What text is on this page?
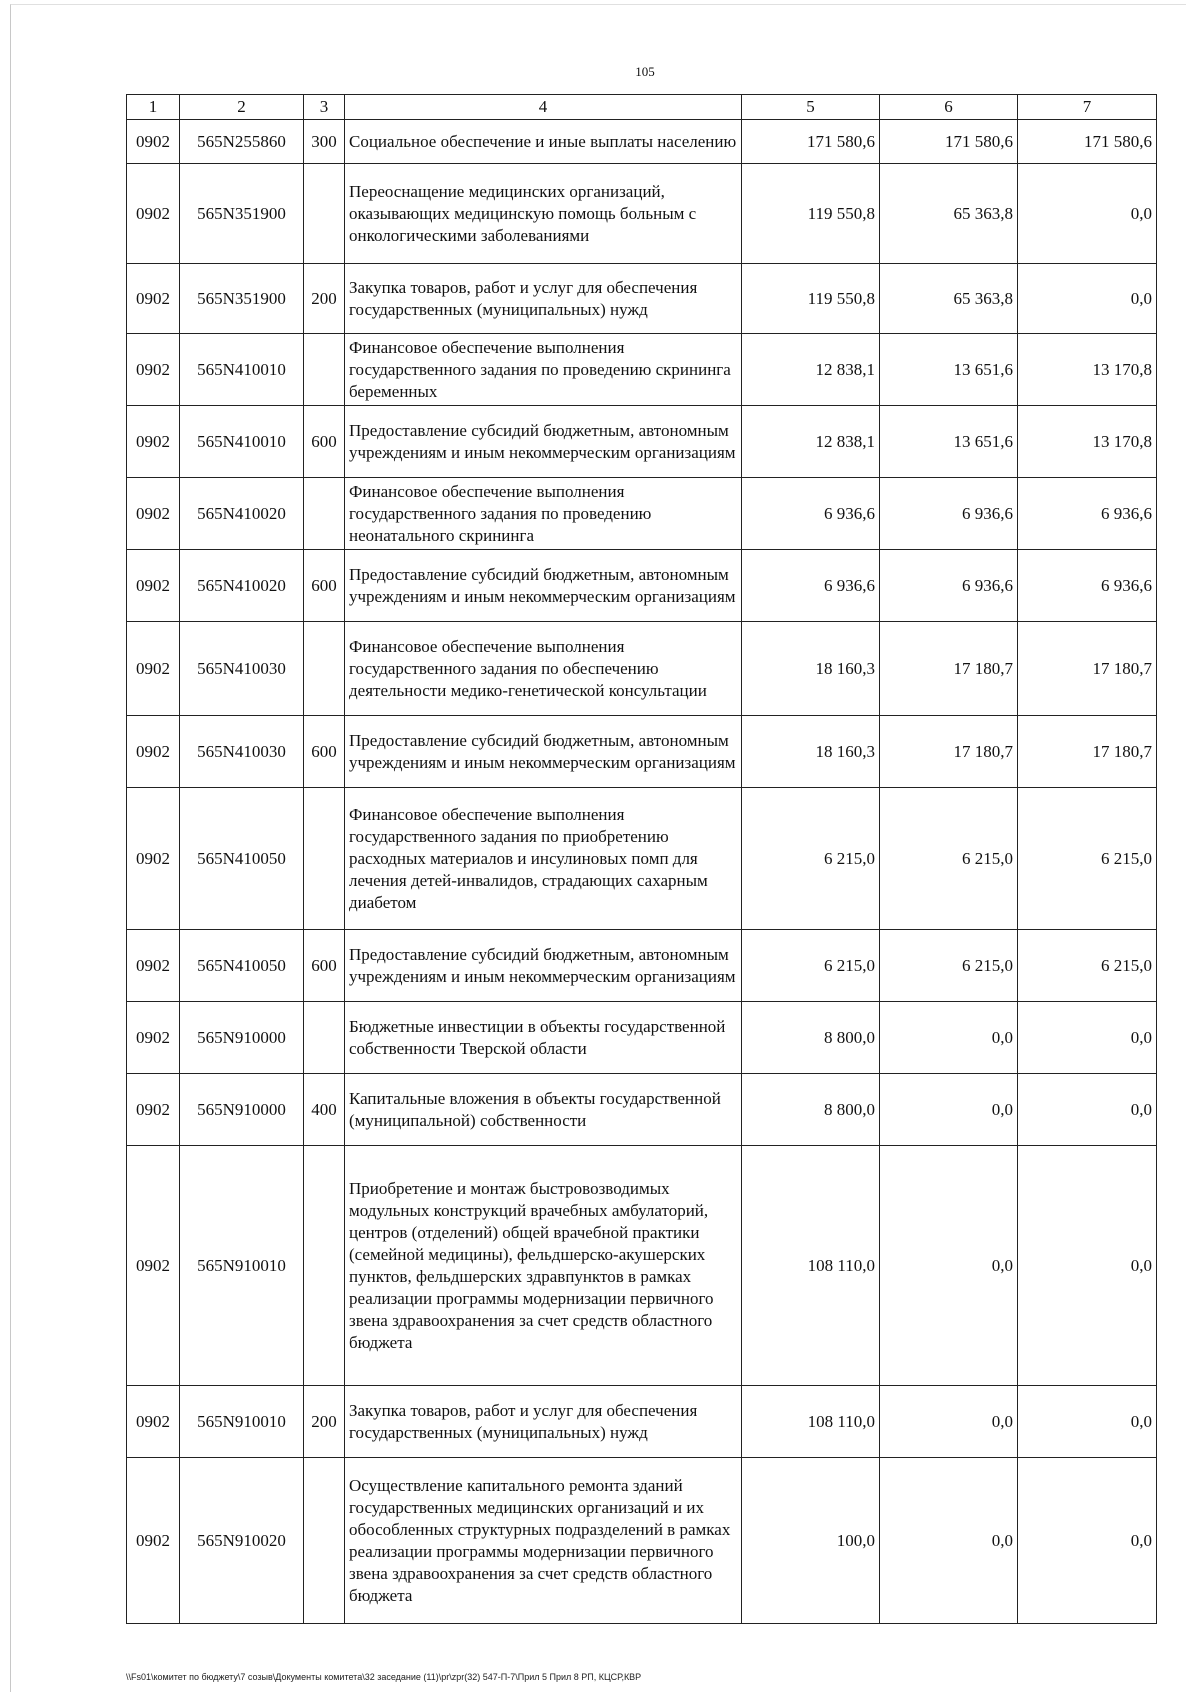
105
1	2	3	4	5	6	7
0902	565N255860	300	Социальное обеспечение и иные выплаты населению	171 580,6	171 580,6	171 580,6
0902	565N351900		Переоснащение медицинских организаций, оказывающих медицинскую помощь больным с онкологическими заболеваниями	119 550,8	65 363,8	0,0
0902	565N351900	200	Закупка товаров, работ и услуг для обеспечения государственных (муниципальных) нужд	119 550,8	65 363,8	0,0
0902	565N410010		Финансовое обеспечение выполнения государственного задания по проведению скрининга беременных	12 838,1	13 651,6	13 170,8
0902	565N410010	600	Предоставление субсидий бюджетным, автономным учреждениям и иным некоммерческим организациям	12 838,1	13 651,6	13 170,8
0902	565N410020		Финансовое обеспечение выполнения государственного задания по проведению неонатального скрининга	6 936,6	6 936,6	6 936,6
0902	565N410020	600	Предоставление субсидий бюджетным, автономным учреждениям и иным некоммерческим организациям	6 936,6	6 936,6	6 936,6
0902	565N410030		Финансовое обеспечение выполнения государственного задания по обеспечению деятельности медико-генетической консультации	18 160,3	17 180,7	17 180,7
0902	565N410030	600	Предоставление субсидий бюджетным, автономным учреждениям и иным некоммерческим организациям	18 160,3	17 180,7	17 180,7
0902	565N410050		Финансовое обеспечение выполнения государственного задания по приобретению расходных материалов и инсулиновых помп для лечения детей-инвалидов, страдающих сахарным диабетом	6 215,0	6 215,0	6 215,0
0902	565N410050	600	Предоставление субсидий бюджетным, автономным учреждениям и иным некоммерческим организациям	6 215,0	6 215,0	6 215,0
0902	565N910000		Бюджетные инвестиции в объекты государственной собственности Тверской области	8 800,0	0,0	0,0
0902	565N910000	400	Капитальные вложения в объекты государственной (муниципальной) собственности	8 800,0	0,0	0,0
0902	565N910010		Приобретение и монтаж быстровозводимых модульных конструкций врачебных амбулаторий, центров (отделений) общей врачебной практики (семейной медицины), фельдшерско-акушерских пунктов, фельдшерских здравпунктов в рамках реализации программы модернизации первичного звена здравоохранения за счет средств областного бюджета	108 110,0	0,0	0,0
0902	565N910010	200	Закупка товаров, работ и услуг для обеспечения государственных (муниципальных) нужд	108 110,0	0,0	0,0
0902	565N910020		Осуществление капитального ремонта зданий государственных медицинских организаций и их обособленных структурных подразделений в рамках реализации программы модернизации первичного звена здравоохранения за счет средств областного бюджета	100,0	0,0	0,0
\\Fs01\комитет по бюджету\7 созыв\Документы комитета\32 заседание (11)\pr\zpr(32) 547-П-7\Прил 5 Прил 8 РП, КЦСР,КВР
